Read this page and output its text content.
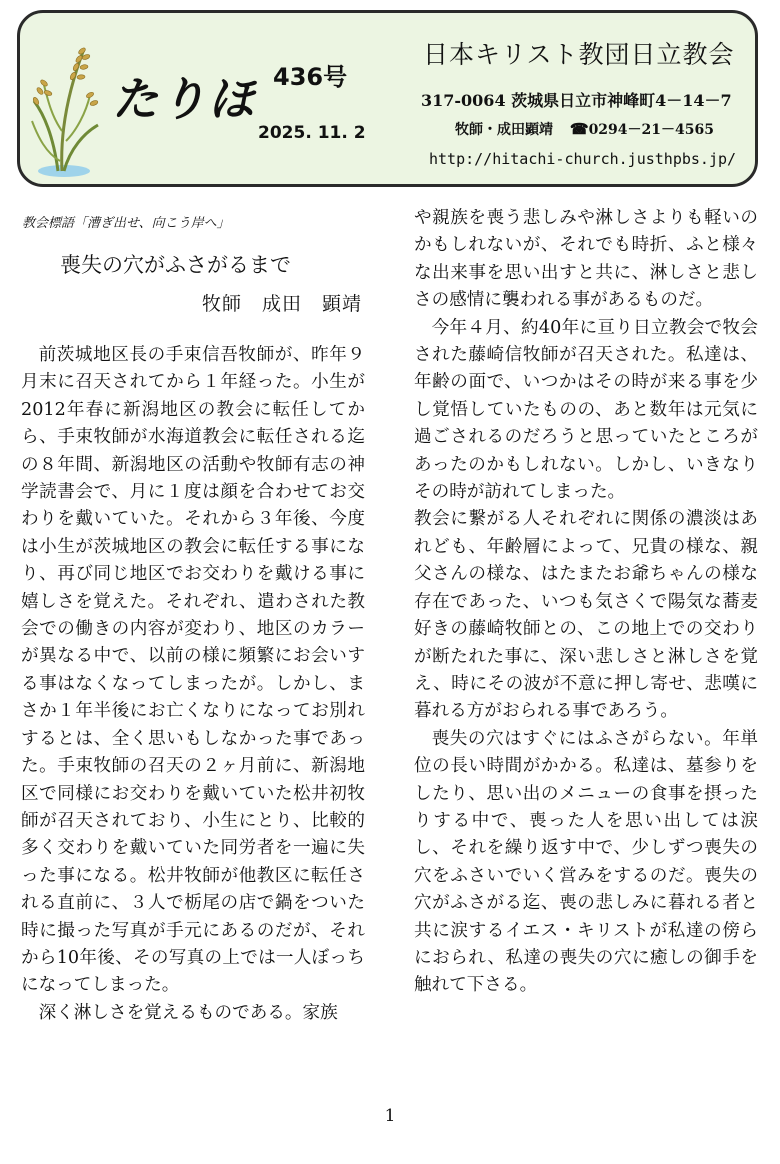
たりほ 436号
2025. 11. 2
日本キリスト教団日立教会
317-0064 茨城県日立市神峰町4－14－7
牧師・成田顕靖 ☎0294－21－4565
http://hitachi-church.justhpbs.jp/
教会標語「漕ぎ出せ、向こう岸へ」
喪失の穴がふさがるまで
牧師　成田　顕靖

前茨城地区長の手束信吾牧師が、昨年９月末に召天されてから１年経った。小生が2012年春に新潟地区の教会に転任してから、手束牧師が水海道教会に転任される迄の８年間、新潟地区の活動や牧師有志の神学読書会で、月に１度は顔を合わせてお交わりを戴いていた。それから３年後、今度は小生が茨城地区の教会に転任する事になり、再び同じ地区でお交わりを戴ける事に嬉しさを覚えた。それぞれ、遣わされた教会での働きの内容が変わり、地区のカラーが異なる中で、以前の様に頻繁にお会いする事はなくなってしまったが。しかし、まさか１年半後にお亡くなりになってお別れするとは、全く思いもしなかった事であった。手束牧師の召天の２ヶ月前に、新潟地区で同様にお交わりを戴いていた松井初牧師が召天されており、小生にとり、比較的多く交わりを戴いていた同労者を一遍に失った事になる。松井牧師が他教区に転任される直前に、３人で栃尾の店で鍋をついた時に撮った写真が手元にあるのだが、それから10年後、その写真の上では一人ぼっちになってしまった。

深く淋しさを覚えるものである。家族

や親族を喪う悲しみや淋しさよりも軽いのかもしれないが、それでも時折、ふと様々な出来事を思い出すと共に、淋しさと悲しさの感情に襲われる事があるものだ。

今年４月、約40年に亘り日立教会で牧会された藤崎信牧師が召天された。私達は、年齢の面で、いつかはその時が来る事を少し覚悟していたものの、あと数年は元気に過ごされるのだろうと思っていたところがあったのかもしれない。しかし、いきなりその時が訪れてしまった。

教会に繋がる人それぞれに関係の濃淡はあれども、年齢層によって、兄貴の様な、親父さんの様な、はたまたお爺ちゃんの様な存在であった、いつも気さくで陽気な蕎麦好きの藤崎牧師との、この地上での交わりが断たれた事に、深い悲しさと淋しさを覚え、時にその波が不意に押し寄せ、悲嘆に暮れる方がおられる事であろう。

喪失の穴はすぐにはふさがらない。年単位の長い時間がかかる。私達は、墓参りをしたり、思い出のメニューの食事を摂ったりする中で、喪った人を思い出しては涙し、それを繰り返す中で、少しずつ喪失の穴をふさいでいく営みをするのだ。喪失の穴がふさがる迄、喪の悲しみに暮れる者と共に涙するイエス・キリストが私達の傍らにおられ、私達の喪失の穴に癒しの御手を触れて下さる。

1
